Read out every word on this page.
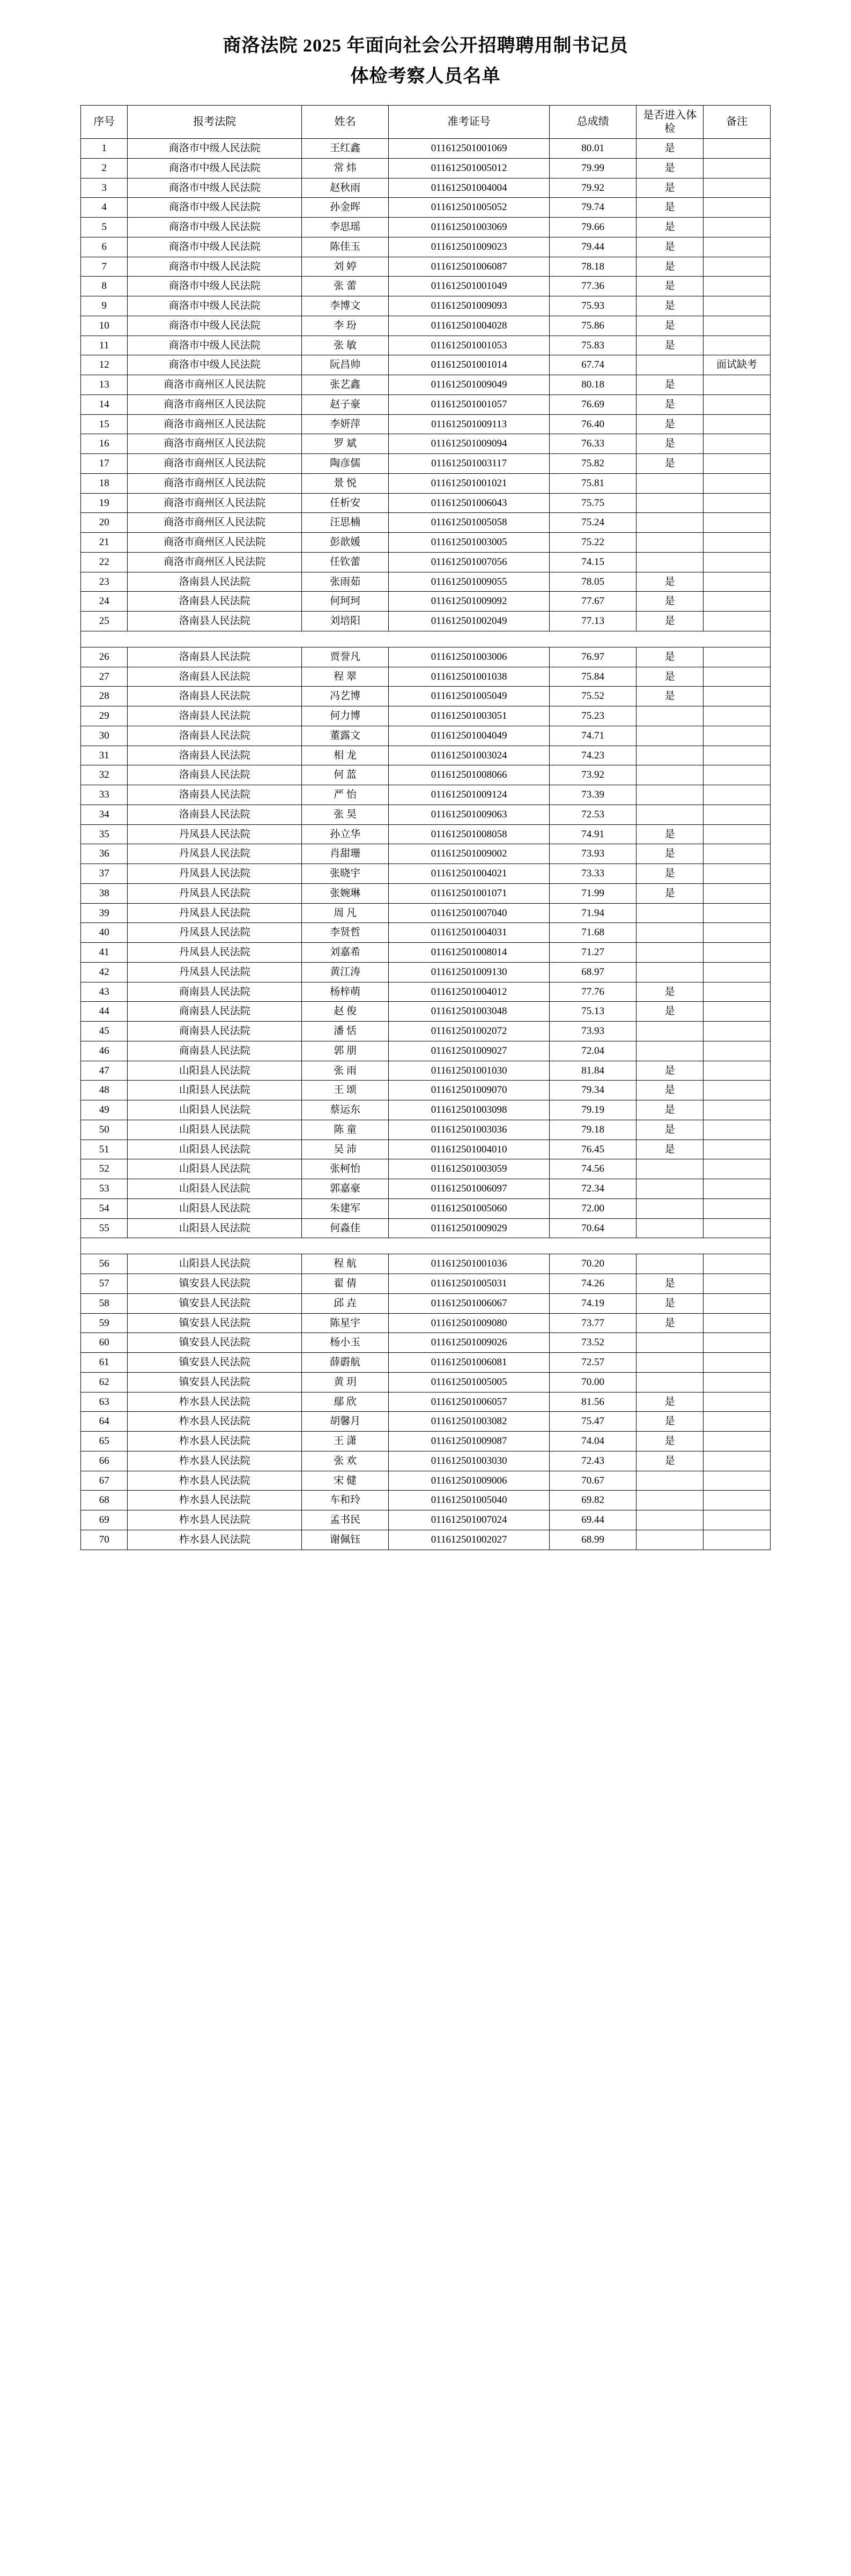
商洛法院 2025 年面向社会公开招聘聘用制书记员
体检考察人员名单
序号	报考法院	姓名	准考证号	总成绩	是否进入体检	备注
1	商洛市中级人民法院	王红鑫	011612501001069	80.01	是	
2	商洛市中级人民法院	常 炜	011612501005012	79.99	是	
3	商洛市中级人民法院	赵秋雨	011612501004004	79.92	是	
4	商洛市中级人民法院	孙金晖	011612501005052	79.74	是	
5	商洛市中级人民法院	李思瑶	011612501003069	79.66	是	
6	商洛市中级人民法院	陈佳玉	011612501009023	79.44	是	
7	商洛市中级人民法院	刘 婷	011612501006087	78.18	是	
8	商洛市中级人民法院	张 蕾	011612501001049	77.36	是	
9	商洛市中级人民法院	李博文	011612501009093	75.93	是	
10	商洛市中级人民法院	李 玢	011612501004028	75.86	是	
11	商洛市中级人民法院	张 敏	011612501001053	75.83	是	
12	商洛市中级人民法院	阮昌帅	011612501001014	67.74		面试缺考

13	商洛市商州区人民法院	张艺鑫	011612501009049	80.18	是	
14	商洛市商州区人民法院	赵子豪	011612501001057	76.69	是	
15	商洛市商州区人民法院	李妍萍	011612501009113	76.40	是	
16	商洛市商州区人民法院	罗 斌	011612501009094	76.33	是	
17	商洛市商州区人民法院	陶彦儒	011612501003117	75.82	是	
18	商洛市商州区人民法院	景 悦	011612501001021	75.81		
19	商洛市商州区人民法院	任析安	011612501006043	75.75		
20	商洛市商州区人民法院	汪思楠	011612501005058	75.24		
21	商洛市商州区人民法院	彭歆媛	011612501003005	75.22		
22	商洛市商州区人民法院	任钦蕾	011612501007056	74.15		
23	洛南县人民法院	张雨茹	011612501009055	78.05	是	
24	洛南县人民法院	何珂珂	011612501009092	77.67	是	
25	洛南县人民法院	刘培阳	011612501002049	77.13	是	

26	洛南县人民法院	贾誉凡	011612501003006	76.97	是	
27	洛南县人民法院	程 翠	011612501001038	75.84	是	
28	洛南县人民法院	冯艺博	011612501005049	75.52	是	
29	洛南县人民法院	何力博	011612501003051	75.23		
30	洛南县人民法院	董露文	011612501004049	74.71		
31	洛南县人民法院	相 龙	011612501003024	74.23		
32	洛南县人民法院	何 蓝	011612501008066	73.92		
33	洛南县人民法院	严 怡	011612501009124	73.39		
34	洛南县人民法院	张 昊	011612501009063	72.53		
35	丹凤县人民法院	孙立华	011612501008058	74.91	是	
36	丹凤县人民法院	肖甜珊	011612501009002	73.93	是	
37	丹凤县人民法院	张晓宇	011612501004021	73.33	是	
38	丹凤县人民法院	张婉琳	011612501001071	71.99	是	
39	丹凤县人民法院	周 凡	011612501007040	71.94		
40	丹凤县人民法院	李贤哲	011612501004031	71.68		
41	丹凤县人民法院	刘嘉希	011612501008014	71.27		
42	丹凤县人民法院	黄江涛	011612501009130	68.97		
43	商南县人民法院	杨梓萌	011612501004012	77.76	是	
44	商南县人民法院	赵 俊	011612501003048	75.13	是	
45	商南县人民法院	潘 恬	011612501002072	73.93		
46	商南县人民法院	郭 朋	011612501009027	72.04		
47	山阳县人民法院	张 雨	011612501001030	81.84	是	
48	山阳县人民法院	王 颂	011612501009070	79.34	是	
49	山阳县人民法院	蔡运东	011612501003098	79.19	是	
50	山阳县人民法院	陈 童	011612501003036	79.18	是	
51	山阳县人民法院	吴 沛	011612501004010	76.45	是	
52	山阳县人民法院	张柯怡	011612501003059	74.56		
53	山阳县人民法院	郭嘉豪	011612501006097	72.34		
54	山阳县人民法院	朱建军	011612501005060	72.00		
55	山阳县人民法院	何淼佳	011612501009029	70.64		

56	山阳县人民法院	程 航	011612501001036	70.20		
57	镇安县人民法院	翟 倩	011612501005031	74.26	是	
58	镇安县人民法院	邱 垚	011612501006067	74.19	是	
59	镇安县人民法院	陈星宇	011612501009080	73.77	是	
60	镇安县人民法院	杨小玉	011612501009026	73.52		
61	镇安县人民法院	薛霨航	011612501006081	72.57		
62	镇安县人民法院	黄 玥	011612501005005	70.00		
63	柞水县人民法院	鄢 欣	011612501006057	81.56	是	
64	柞水县人民法院	胡馨月	011612501003082	75.47	是	
65	柞水县人民法院	王 潇	011612501009087	74.04	是	
66	柞水县人民法院	张 欢	011612501003030	72.43	是	
67	柞水县人民法院	宋 健	011612501009006	70.67		
68	柞水县人民法院	车和玲	011612501005040	69.82		
69	柞水县人民法院	孟书民	011612501007024	69.44		
70	柞水县人民法院	谢佩钰	011612501002027	68.99		
